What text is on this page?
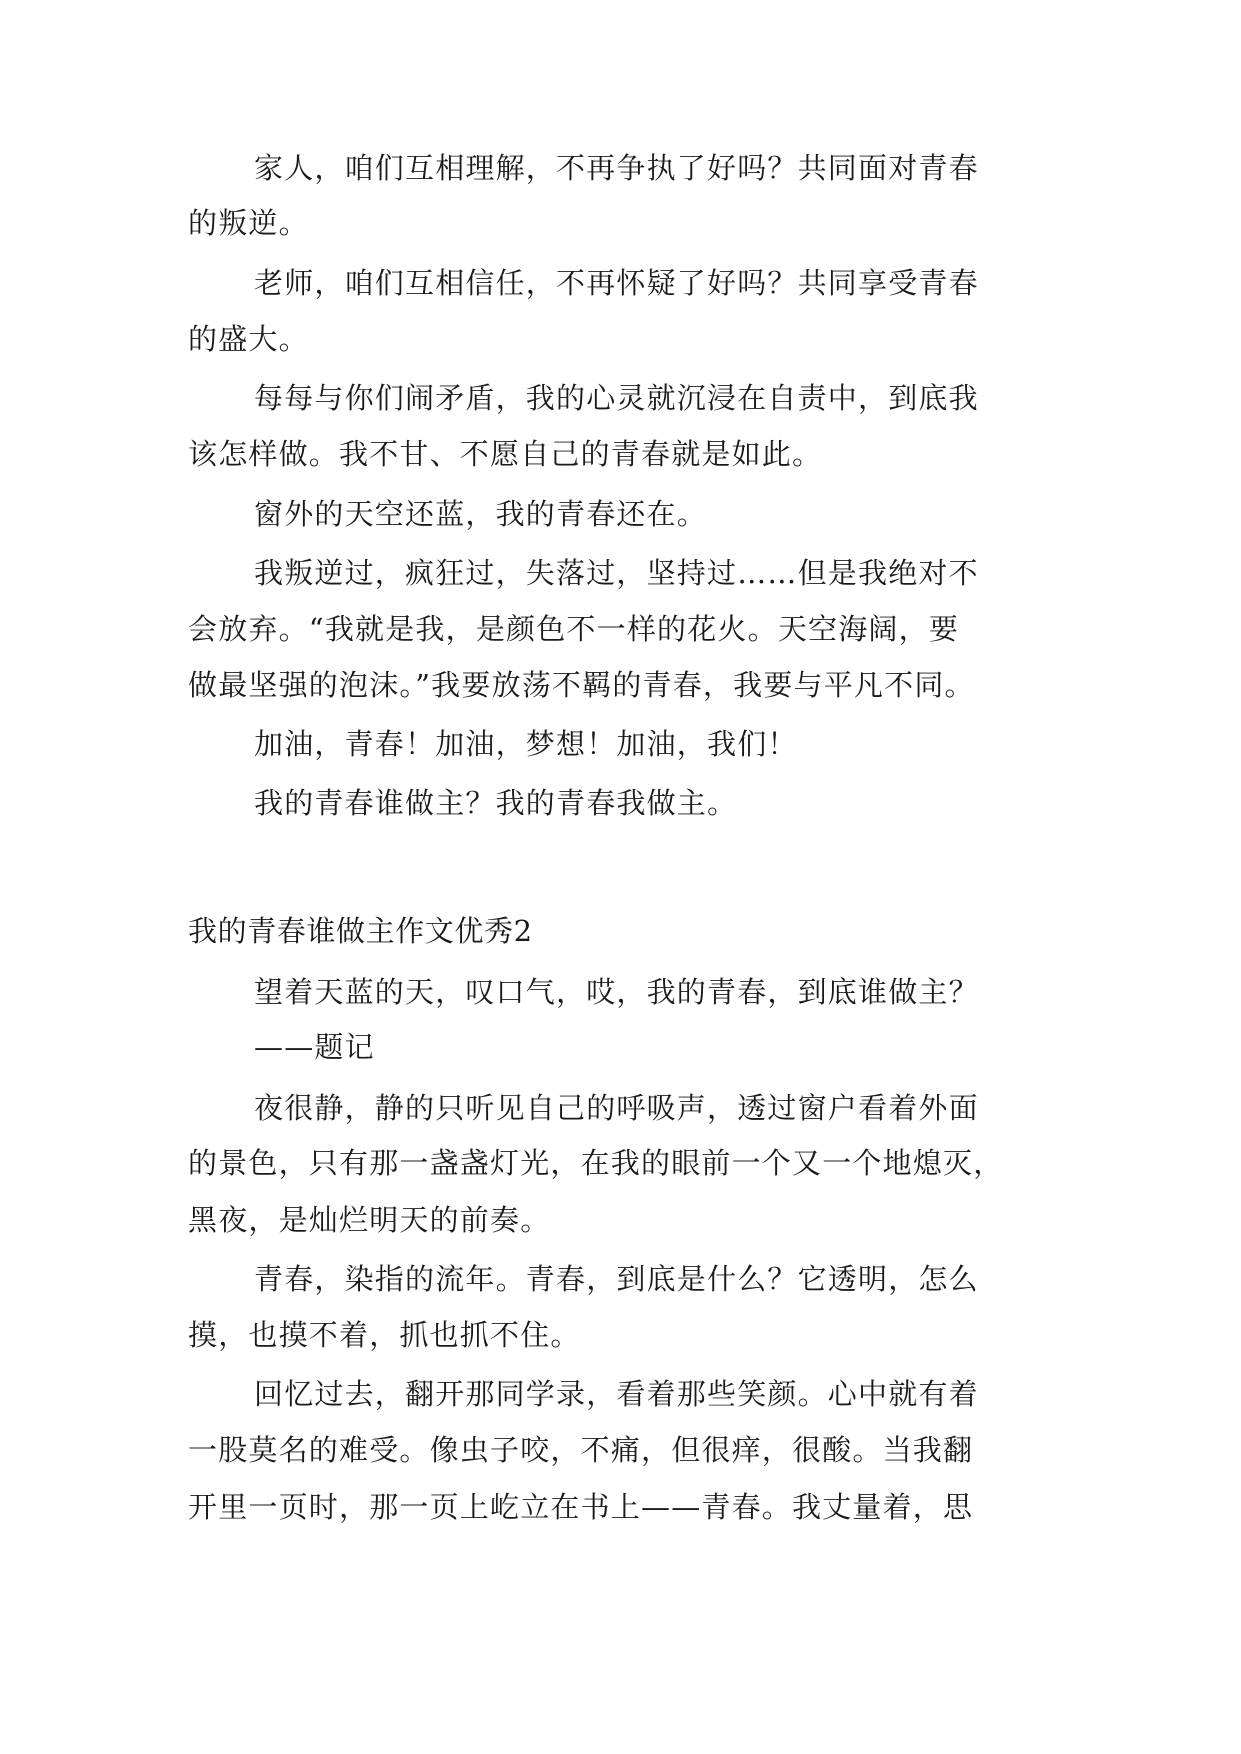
家人，咱们互相理解，不再争执了好吗？共同面对青春

的叛逆。

老师，咱们互相信任，不再怀疑了好吗？共同享受青春

的盛大。

每每与你们闹矛盾，我的心灵就沉浸在自责中，到底我

该怎样做。我不甘、不愿自己的青春就是如此。

窗外的天空还蓝，我的青春还在。

我叛逆过，疯狂过，失落过，坚持过……但是我绝对不

会放弃。“我就是我，是颜色不一样的花火。天空海阔，要

做最坚强的泡沫。”我要放荡不羁的青春，我要与平凡不同。

加油，青春！加油，梦想！加油，我们！

我的青春谁做主？我的青春我做主。

我的青春谁做主作文优秀2

望着天蓝的天，叹口气，哎，我的青春，到底谁做主？

——题记

夜很静，静的只听见自己的呼吸声，透过窗户看着外面

的景色，只有那一盏盏灯光，在我的眼前一个又一个地熄灭，

黑夜，是灿烂明天的前奏。

青春，染指的流年。青春，到底是什么？它透明，怎么

摸，也摸不着，抓也抓不住。

回忆过去，翻开那同学录，看着那些笑颜。心中就有着

一股莫名的难受。像虫子咬，不痛，但很痒，很酸。当我翻

开里一页时，那一页上屹立在书上——青春。我丈量着，思
